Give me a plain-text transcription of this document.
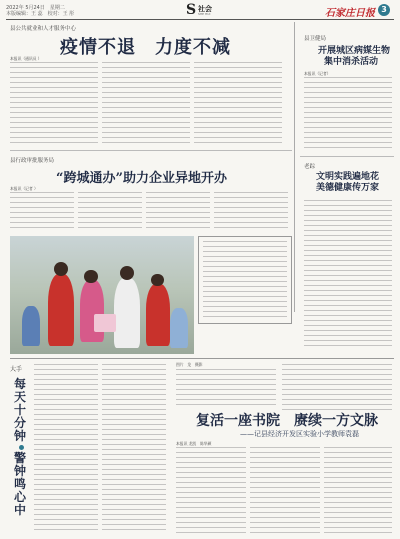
2022年 5月24日　星期二
本版编辑：王 蕊　校对：王 彤	S 社会
SHE HUI	石家庄日报 3
县公共就业和人才服务中心
疫情不退　力度不减
本报讯（通讯员 ）
县卫健局
开展城区病媒生物
集中消杀活动
本报讯（记者）
县行政审批服务局
“跨城通办”助力企业异地开办
本报讯（记者 ）
老踪
文明实践遍地花
美德健康传万家
大手
每
天
十
分
钟
警
钟
鸣
心
中
图片　龙　摄影
复活一座书院　赓续一方文脉
——记县经济开发区实验小学教师袁磊
本报讯 龙凯　陈华颜
